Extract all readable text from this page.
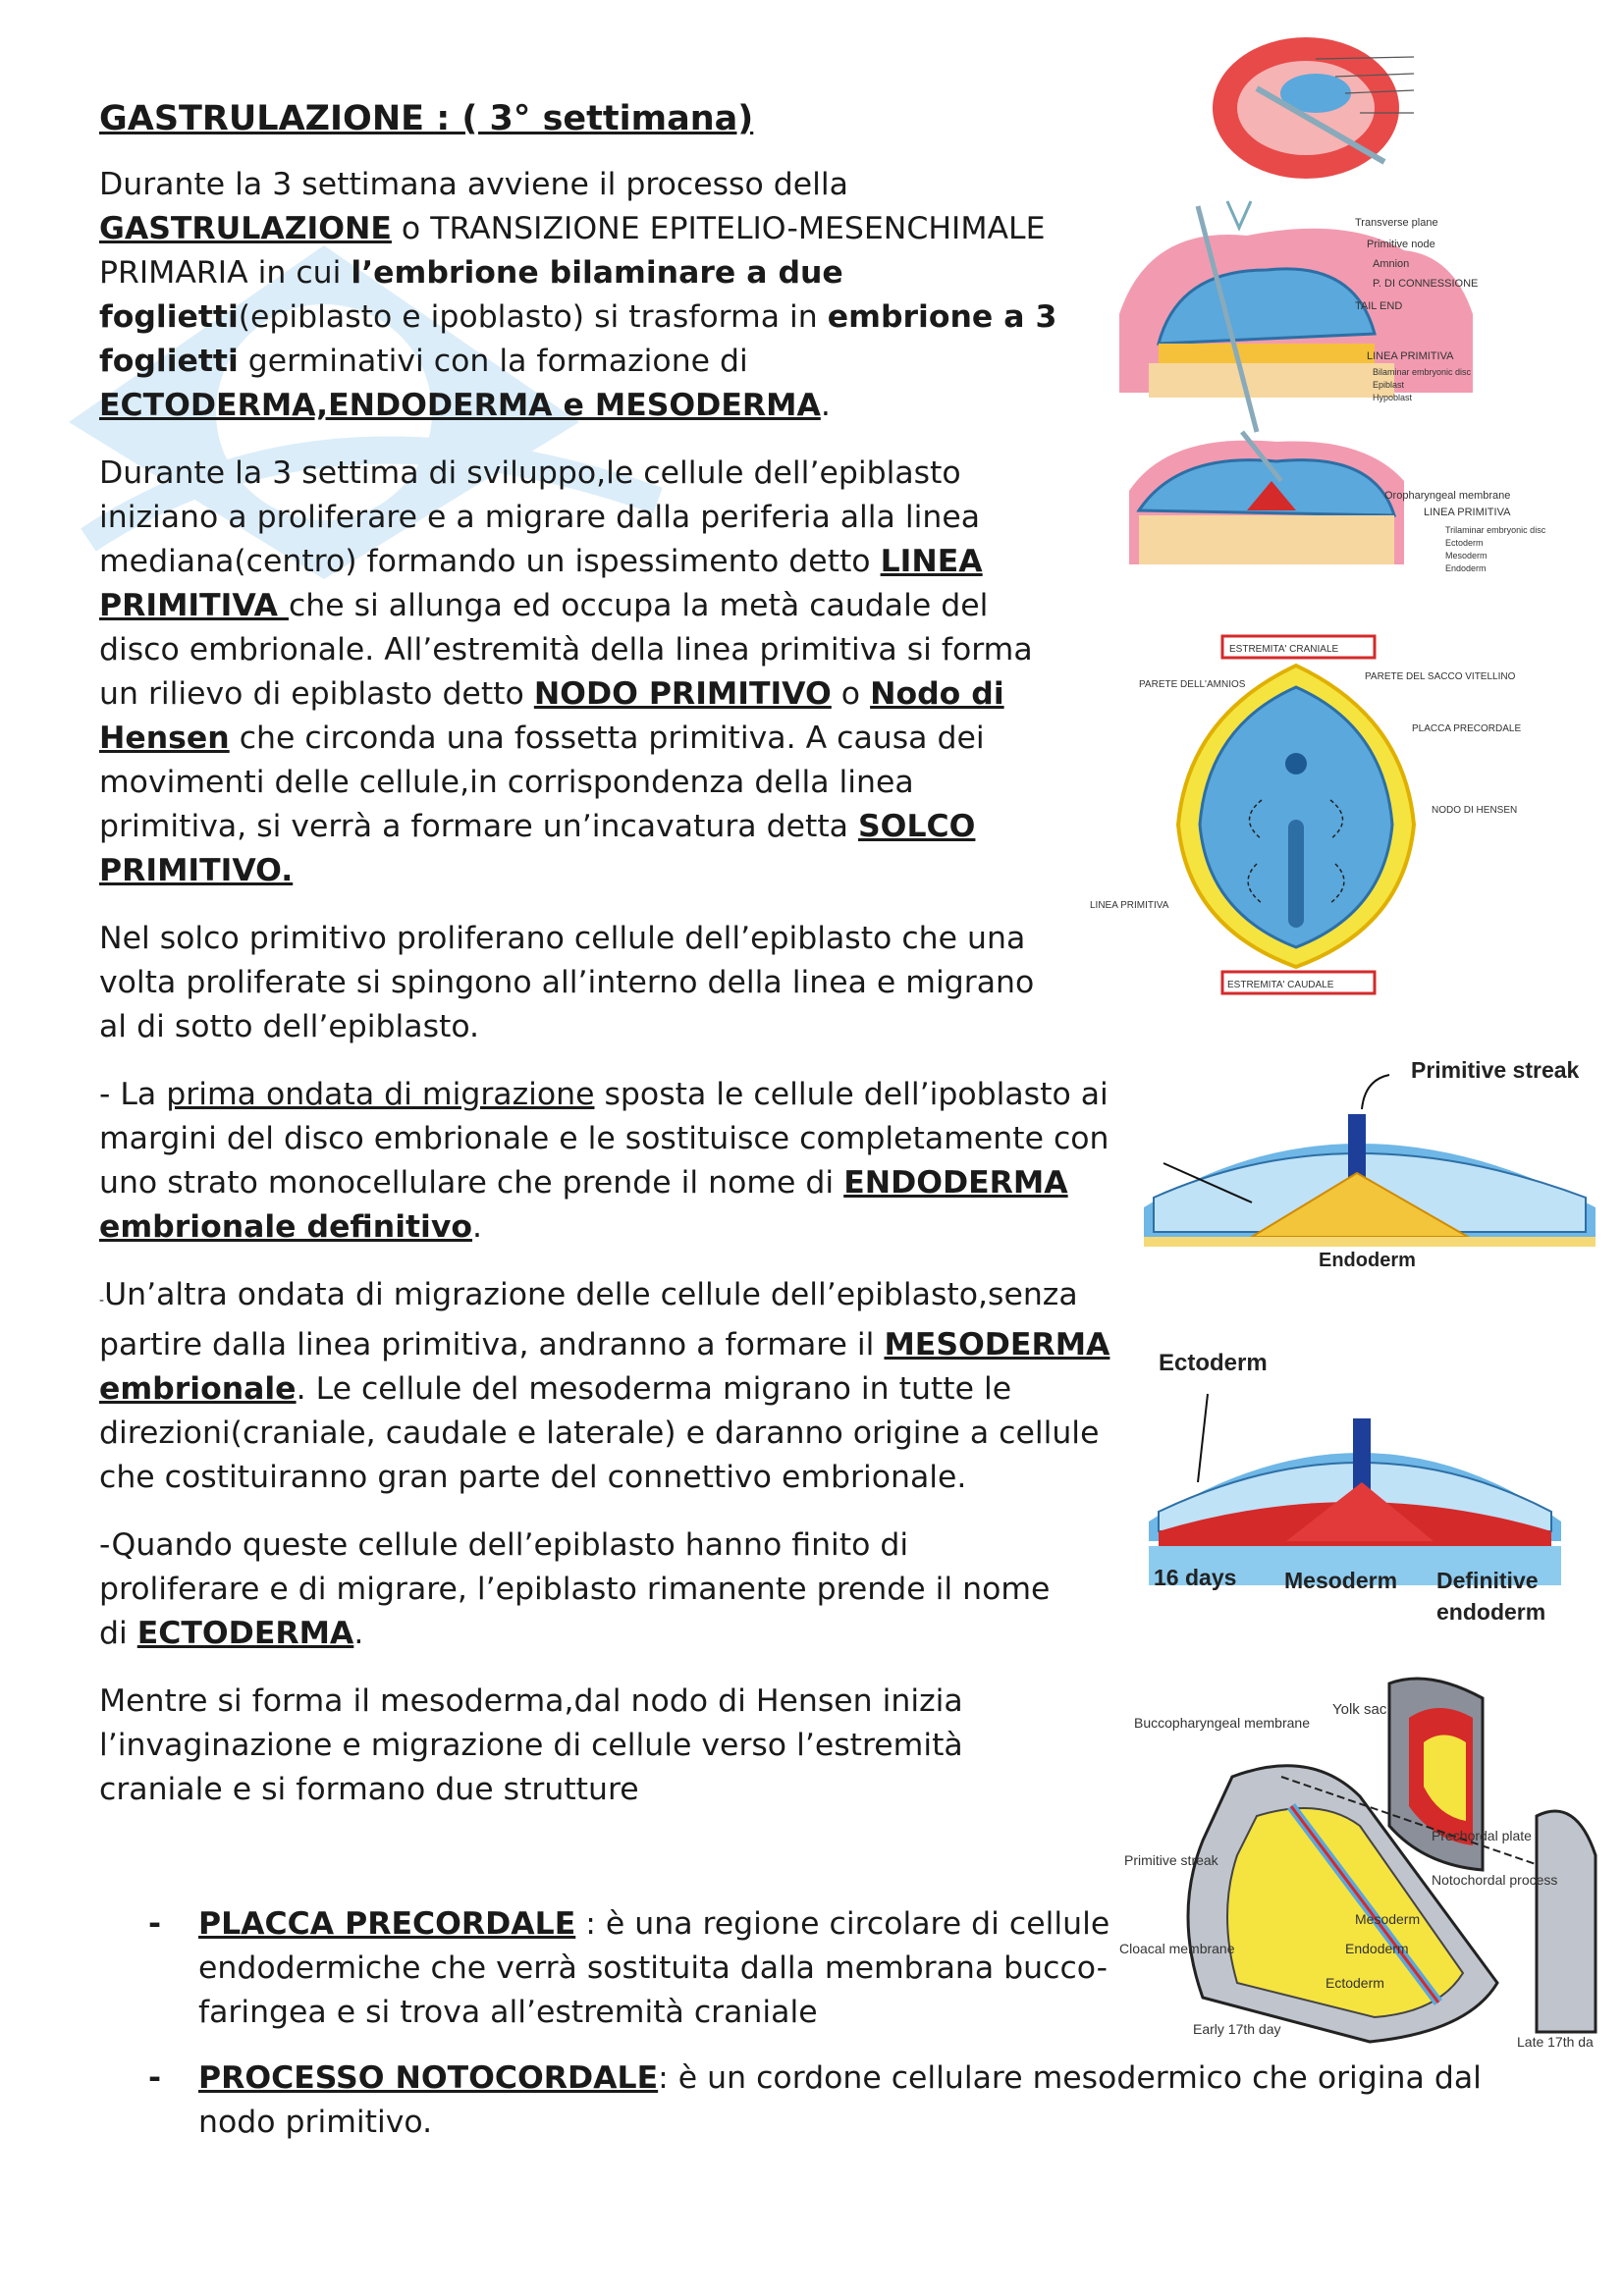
GASTRULAZIONE : ( 3° settimana)

Durante la 3 settimana avviene il processo della GASTRULAZIONE o TRANSIZIONE EPITELIO-MESENCHIMALE PRIMARIA in cui l’embrione bilaminare a due foglietti(epiblasto e ipoblasto) si trasforma in embrione a 3 foglietti germinativi con la formazione di ECTODERMA,ENDODERMA e MESODERMA.

Durante la 3 settima di sviluppo,le cellule dell’epiblasto iniziano a proliferare e a migrare dalla periferia alla linea mediana(centro) formando un ispessimento detto LINEA PRIMITIVA che si allunga ed occupa la metà caudale del disco embrionale. All’estremità della linea primitiva si forma un rilievo di epiblasto detto NODO PRIMITIVO o Nodo di Hensen che circonda una fossetta primitiva. A causa dei movimenti delle cellule,in corrispondenza della linea primitiva, si verrà a formare un’incavatura detta SOLCO PRIMITIVO.

Nel solco primitivo proliferano cellule dell’epiblasto che una volta proliferate si spingono all’interno della linea e migrano al di sotto dell’epiblasto.

- La prima ondata di migrazione sposta le cellule dell’ipoblasto ai margini del disco embrionale e le sostituisce completamente con uno strato monocellulare che prende il nome di ENDODERMA embrionale definitivo.

-Un’altra ondata di migrazione delle cellule dell’epiblasto,senza partire dalla linea primitiva, andranno a formare il MESODERMA embrionale. Le cellule del mesoderma migrano in tutte le direzioni(craniale, caudale e laterale) e daranno origine a cellule che costituiranno gran parte del connettivo embrionale.

-Quando queste cellule dell’epiblasto hanno finito di proliferare e di migrare, l’epiblasto rimanente prende il nome di ECTODERMA.

Mentre si forma il mesoderma,dal nodo di Hensen inizia l’invaginazione e migrazione di cellule verso l’estremità craniale e si formano due strutture

- PLACCA PRECORDALE : è una regione circolare di cellule endodermiche che verrà sostituita dalla membrana bucco-faringea e si trova all’estremità craniale
- PROCESSO NOTOCORDALE: è un cordone cellulare mesodermico che origina dal nodo primitivo.
Transverse plane
Primitive node
Amnion
P. DI CONNESSIONE
TAIL END
LINEA PRIMITIVA
Bilaminar embryonic disc
Epiblast
Hypoblast
Oropharyngeal membrane
LINEA PRIMITIVA
Trilaminar embryonic disc
Ectoderm
Mesoderm
Endoderm
ESTREMITA' CRANIALE
PARETE DELL'AMNIOS
PARETE DEL SACCO VITELLINO
PLACCA PRECORDALE
NODO DI HENSEN
LINEA PRIMITIVA
ESTREMITA' CAUDALE
Primitive streak
Endoderm
Ectoderm
16 days Mesoderm Definitive
endoderm
Yolk sac
Buccopharyngeal membrane
Prechordal plate
Notochordal process
Primitive streak
Mesoderm
Cloacal membrane	Endoderm
Ectoderm
Early 17th day
Late 17th da
